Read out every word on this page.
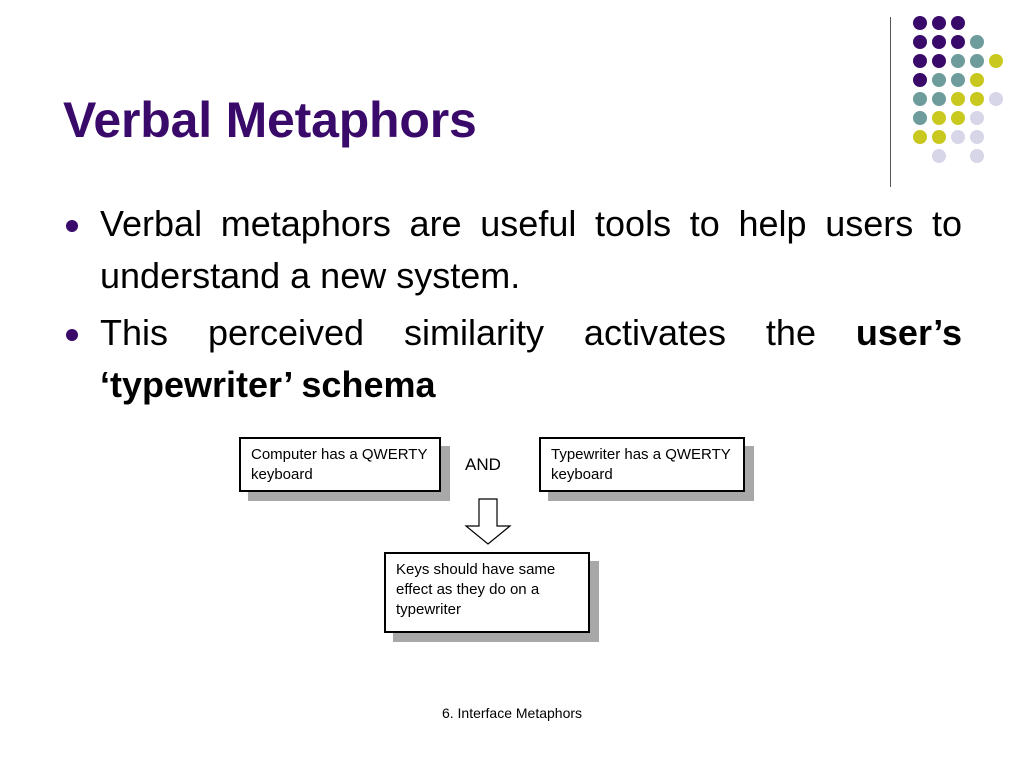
Verbal Metaphors
Verbal metaphors are useful tools to help users to understand a new system.
This perceived similarity activates the user’s ‘typewriter’ schema
Computer has a QWERTY keyboard
AND
Typewriter has a QWERTY keyboard
Keys should have same effect as they do on a typewriter
6. Interface Metaphors
